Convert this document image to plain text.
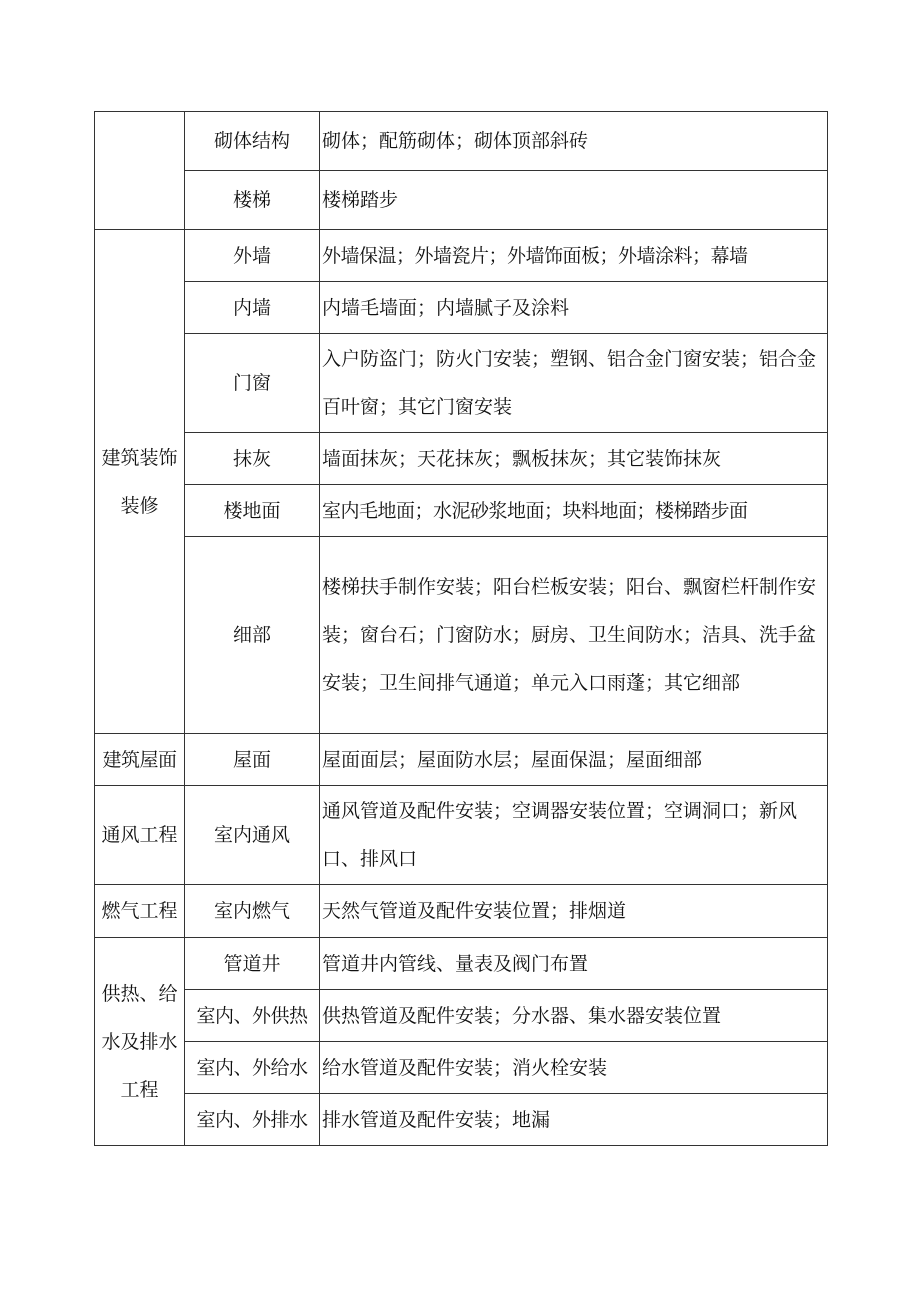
	砌体结构	砌体；配筋砌体；砌体顶部斜砖
	楼梯	楼梯踏步
建筑装饰装修	外墙	外墙保温；外墙瓷片；外墙饰面板；外墙涂料；幕墙
	内墙	内墙毛墙面；内墙腻子及涂料
	门窗	入户防盗门；防火门安装；塑钢、铝合金门窗安装；铝合金百叶窗；其它门窗安装
	抹灰	墙面抹灰；天花抹灰；飘板抹灰；其它装饰抹灰
	楼地面	室内毛地面；水泥砂浆地面；块料地面；楼梯踏步面
	细部	楼梯扶手制作安装；阳台栏板安装；阳台、飘窗栏杆制作安装；窗台石；门窗防水；厨房、卫生间防水；洁具、洗手盆安装；卫生间排气通道；单元入口雨蓬；其它细部
建筑屋面	屋面	屋面面层；屋面防水层；屋面保温；屋面细部
通风工程	室内通风	通风管道及配件安装；空调器安装位置；空调洞口；新风口、排风口
燃气工程	室内燃气	天然气管道及配件安装位置；排烟道
供热、给水及排水工程	管道井	管道井内管线、量表及阀门布置
	室内、外供热	供热管道及配件安装；分水器、集水器安装位置
	室内、外给水	给水管道及配件安装；消火栓安装
	室内、外排水	排水管道及配件安装；地漏
